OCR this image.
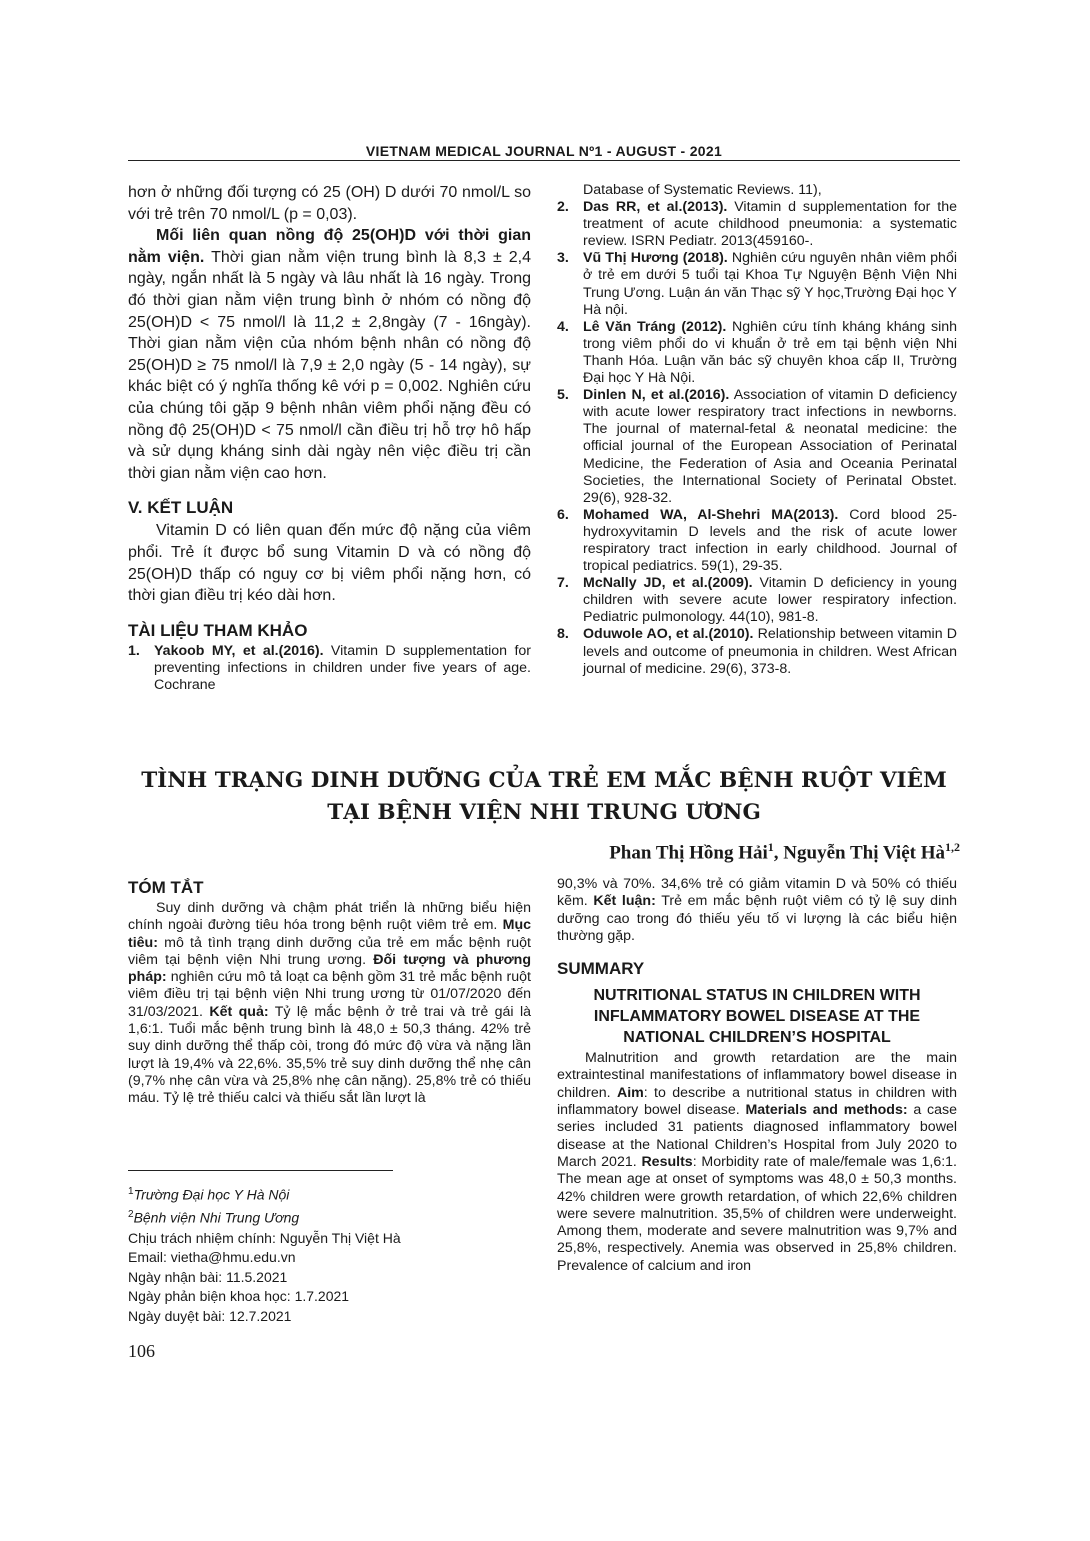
VIETNAM MEDICAL JOURNAL Nº1 - AUGUST - 2021
hơn ở những đối tượng có 25 (OH) D dưới 70 nmol/L so với trẻ trên 70 nmol/L (p = 0,03).
Mối liên quan nồng độ 25(OH)D với thời gian nằm viện. Thời gian nằm viện trung bình là 8,3 ± 2,4 ngày, ngắn nhất là 5 ngày và lâu nhất là 16 ngày. Trong đó thời gian nằm viện trung bình ở nhóm có nồng độ 25(OH)D < 75 nmol/l là 11,2 ± 2,8ngày (7 - 16ngày). Thời gian nằm viện của nhóm bệnh nhân có nồng độ 25(OH)D ≥ 75 nmol/l là 7,9 ± 2,0 ngày (5 - 14 ngày), sự khác biệt có ý nghĩa thống kê với p = 0,002. Nghiên cứu của chúng tôi gặp 9 bệnh nhân viêm phổi nặng đều có nồng độ 25(OH)D < 75 nmol/l cần điều trị hỗ trợ hô hấp và sử dụng kháng sinh dài ngày nên việc điều trị cần thời gian nằm viện cao hơn.
V. KẾT LUẬN
Vitamin D có liên quan đến mức độ nặng của viêm phổi. Trẻ ít được bổ sung Vitamin D và có nồng độ 25(OH)D thấp có nguy cơ bị viêm phổi nặng hơn, có thời gian điều trị kéo dài hơn.
TÀI LIỆU THAM KHẢO
1. Yakoob MY, et al.(2016). Vitamin D supplementation for preventing infections in children under five years of age. Cochrane
Database of Systematic Reviews. 11),
2. Das RR, et al.(2013). Vitamin d supplementation for the treatment of acute childhood pneumonia: a systematic review. ISRN Pediatr. 2013(459160-.
3. Vũ Thị Hương (2018). Nghiên cứu nguyên nhân viêm phổi ở trẻ em dưới 5 tuổi tại Khoa Tự Nguyện Bệnh Viện Nhi Trung Ương. Luận án văn Thạc sỹ Y học,Trường Đại học Y Hà nội.
4. Lê Văn Tráng (2012). Nghiên cứu tính kháng kháng sinh trong viêm phổi do vi khuẩn ở trẻ em tại bệnh viện Nhi Thanh Hóa. Luận văn bác sỹ chuyên khoa cấp II, Trường Đại học Y Hà Nội.
5. Dinlen N, et al.(2016). Association of vitamin D deficiency with acute lower respiratory tract infections in newborns. The journal of maternal-fetal & neonatal medicine: the official journal of the European Association of Perinatal Medicine, the Federation of Asia and Oceania Perinatal Societies, the International Society of Perinatal Obstet. 29(6), 928-32.
6. Mohamed WA, Al-Shehri MA(2013). Cord blood 25-hydroxyvitamin D levels and the risk of acute lower respiratory tract infection in early childhood. Journal of tropical pediatrics. 59(1), 29-35.
7. McNally JD, et al.(2009). Vitamin D deficiency in young children with severe acute lower respiratory infection. Pediatric pulmonology. 44(10), 981-8.
8. Oduwole AO, et al.(2010). Relationship between vitamin D levels and outcome of pneumonia in children. West African journal of medicine. 29(6), 373-8.
TÌNH TRẠNG DINH DƯỠNG CỦA TRẺ EM MẮC BỆNH RUỘT VIÊM
TẠI BỆNH VIỆN NHI TRUNG ƯƠNG
Phan Thị Hồng Hải$^1$, Nguyễn Thị Việt Hà$^{1,2}$
TÓM TẮT
Suy dinh dưỡng và chậm phát triển là những biểu hiện chính ngoài đường tiêu hóa trong bệnh ruột viêm trẻ em. Mục tiêu: mô tả tình trạng dinh dưỡng của trẻ em mắc bệnh ruột viêm tại bệnh viện Nhi trung ương. Đối tượng và phương pháp: nghiên cứu mô tả loạt ca bệnh gồm 31 trẻ mắc bệnh ruột viêm điều trị tại bệnh viện Nhi trung ương từ 01/07/2020 đến 31/03/2021. Kết quả: Tỷ lệ mắc bệnh ở trẻ trai và trẻ gái là 1,6:1. Tuổi mắc bệnh trung bình là 48,0 ± 50,3 tháng. 42% trẻ suy dinh dưỡng thể thấp còi, trong đó mức độ vừa và nặng lần lượt là 19,4% và 22,6%. 35,5% trẻ suy dinh dưỡng thể nhẹ cân (9,7% nhẹ cân vừa và 25,8% nhẹ cân nặng). 25,8% trẻ có thiếu máu. Tỷ lệ trẻ thiếu calci và thiếu sắt lần lượt là
90,3% và 70%. 34,6% trẻ có giảm vitamin D và 50% có thiếu kẽm. Kết luận: Trẻ em mắc bệnh ruột viêm có tỷ lệ suy dinh dưỡng cao trong đó thiếu yếu tố vi lượng là các biểu hiện thường gặp.
SUMMARY
NUTRITIONAL STATUS IN CHILDREN WITH INFLAMMATORY BOWEL DISEASE AT THE NATIONAL CHILDREN’S HOSPITAL
Malnutrition and growth retardation are the main extraintestinal manifestations of inflammatory bowel disease in children. Aim: to describe a nutritional status in children with inflammatory bowel disease. Materials and methods: a case series included 31 patients diagnosed inflammatory bowel disease at the National Children’s Hospital from July 2020 to March 2021. Results: Morbidity rate of male/female was 1,6:1. The mean age at onset of symptoms was 48,0 ± 50,3 months. 42% children were growth retardation, of which 22,6% children were severe malnutrition. 35,5% of children were underweight. Among them, moderate and severe malnutrition was 9,7% and 25,8%, respectively. Anemia was observed in 25,8% children. Prevalence of calcium and iron
$^1$Trường Đại học Y Hà Nội
$^2$Bệnh viện Nhi Trung Ương
Chịu trách nhiệm chính: Nguyễn Thị Việt Hà
Email: vietha@hmu.edu.vn
Ngày nhận bài: 11.5.2021
Ngày phản biện khoa học: 1.7.2021
Ngày duyệt bài: 12.7.2021
106
